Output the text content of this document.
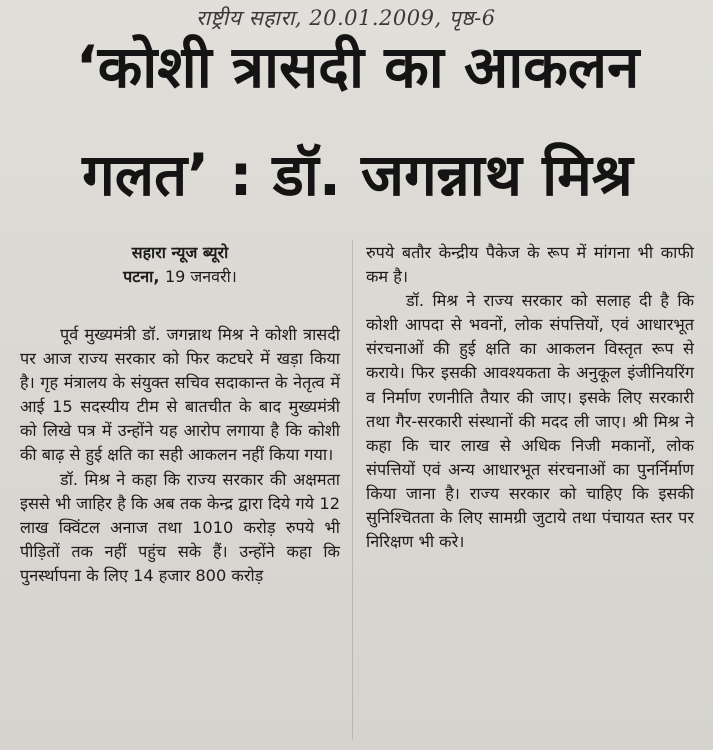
राष्ट्रीय सहारा, 20.01.2009, पृष्ठ-6
‘कोशी त्रासदी का आकलन
गलत’ : डॉ. जगन्नाथ मिश्र
सहारा न्यूज ब्यूरो
पटना, 19 जनवरी।

पूर्व मुख्यमंत्री डॉ. जगन्नाथ मिश्र ने कोशी त्रासदी पर आज राज्य सरकार को फिर कटघरे में खड़ा किया है। गृह मंत्रालय के संयुक्त सचिव सदाकान्त के नेतृत्व में आई 15 सदस्यीय टीम से बातचीत के बाद मुख्यमंत्री को लिखे पत्र में उन्होंने यह आरोप लगाया है कि कोशी की बाढ़ से हुई क्षति का सही आकलन नहीं किया गया।

डॉ. मिश्र ने कहा कि राज्य सरकार की अक्षमता इससे भी जाहिर है कि अब तक केन्द्र द्वारा दिये गये 12 लाख क्विंटल अनाज तथा 1010 करोड़ रुपये भी पीड़ितों तक नहीं पहुंच सके हैं। उन्होंने कहा कि पुनर्स्थापना के लिए 14 हजार 800 करोड़

रुपये बतौर केन्द्रीय पैकेज के रूप में मांगना भी काफी कम है।

डॉ. मिश्र ने राज्य सरकार को सलाह दी है कि कोशी आपदा से भवनों, लोक संपत्तियों, एवं आधारभूत संरचनाओं की हुई क्षति का आकलन विस्तृत रूप से कराये। फिर इसकी आवश्यकता के अनुकूल इंजीनियरिंग व निर्माण रणनीति तैयार की जाए। इसके लिए सरकारी तथा गैर-सरकारी संस्थानों की मदद ली जाए। श्री मिश्र ने कहा कि चार लाख से अधिक निजी मकानों, लोक संपत्तियों एवं अन्य आधारभूत संरचनाओं का पुनर्निर्माण किया जाना है। राज्य सरकार को चाहिए कि इसकी सुनिश्चितता के लिए सामग्री जुटाये तथा पंचायत स्तर पर निरिक्षण भी करे।
